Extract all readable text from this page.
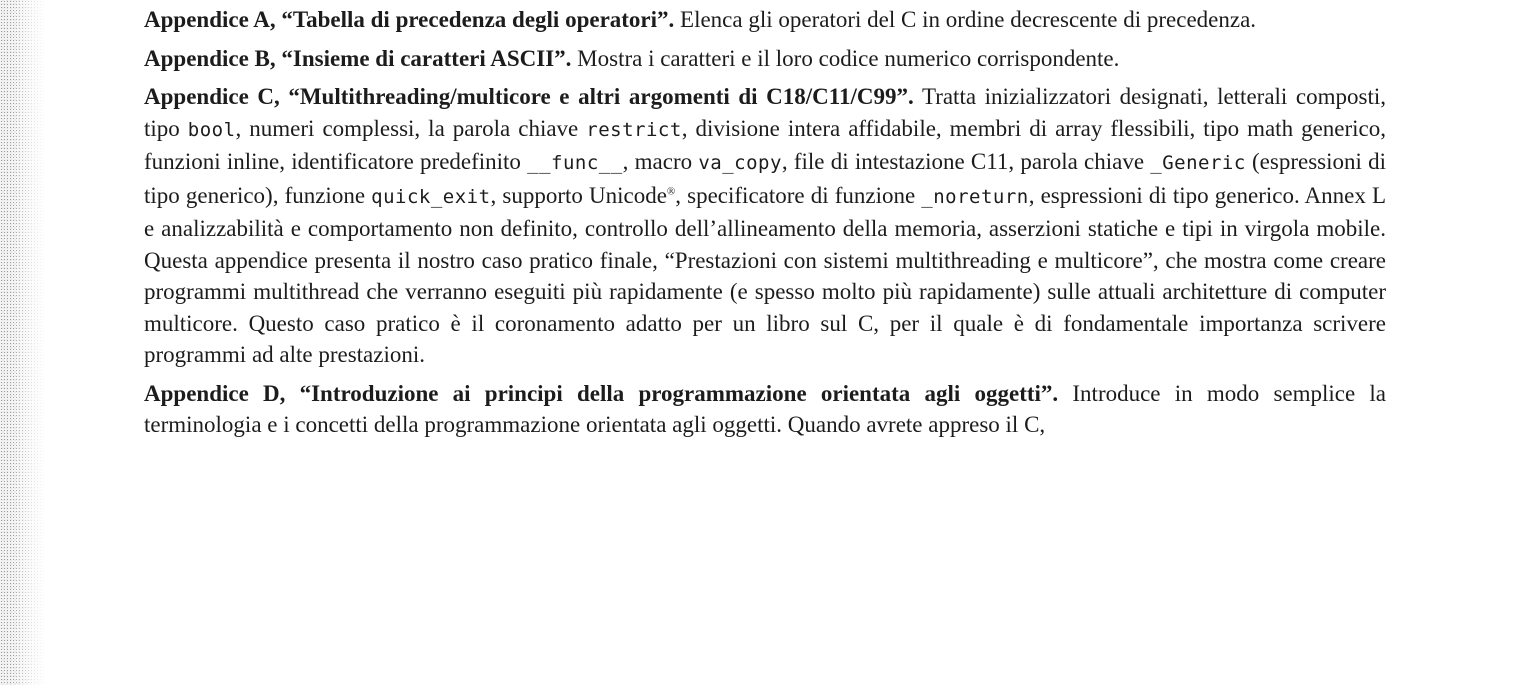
Appendice A, “Tabella di precedenza degli operatori”. Elenca gli operatori del C in ordine decrescente di precedenza.

Appendice B, “Insieme di caratteri ASCII”. Mostra i caratteri e il loro codice numerico corrispondente.

Appendice C, “Multithreading/multicore e altri argomenti di C18/C11/C99”. Tratta inizializzatori designati, letterali composti, tipo bool, numeri complessi, la parola chiave restrict, divisione intera affidabile, membri di array flessibili, tipo math generico, funzioni inline, identificatore predefinito __func__, macro va_copy, file di intestazione C11, parola chiave _Generic (espressioni di tipo generico), funzione quick_exit, supporto Unicode®, specificatore di funzione _noreturn, espressioni di tipo generico. Annex L e analizzabilità e comportamento non definito, controllo dell’allineamento della memoria, asserzioni statiche e tipi in virgola mobile. Questa appendice presenta il nostro caso pratico finale, “Prestazioni con sistemi multithreading e multicore”, che mostra come creare programmi multithread che verranno eseguiti più rapidamente (e spesso molto più rapidamente) sulle attuali architetture di computer multicore. Questo caso pratico è il coronamento adatto per un libro sul C, per il quale è di fondamentale importanza scrivere programmi ad alte prestazioni.

Appendice D, “Introduzione ai principi della programmazione orientata agli oggetti”. Introduce in modo semplice la terminologia e i concetti della programmazione orientata agli oggetti. Quando avrete appreso il C,
